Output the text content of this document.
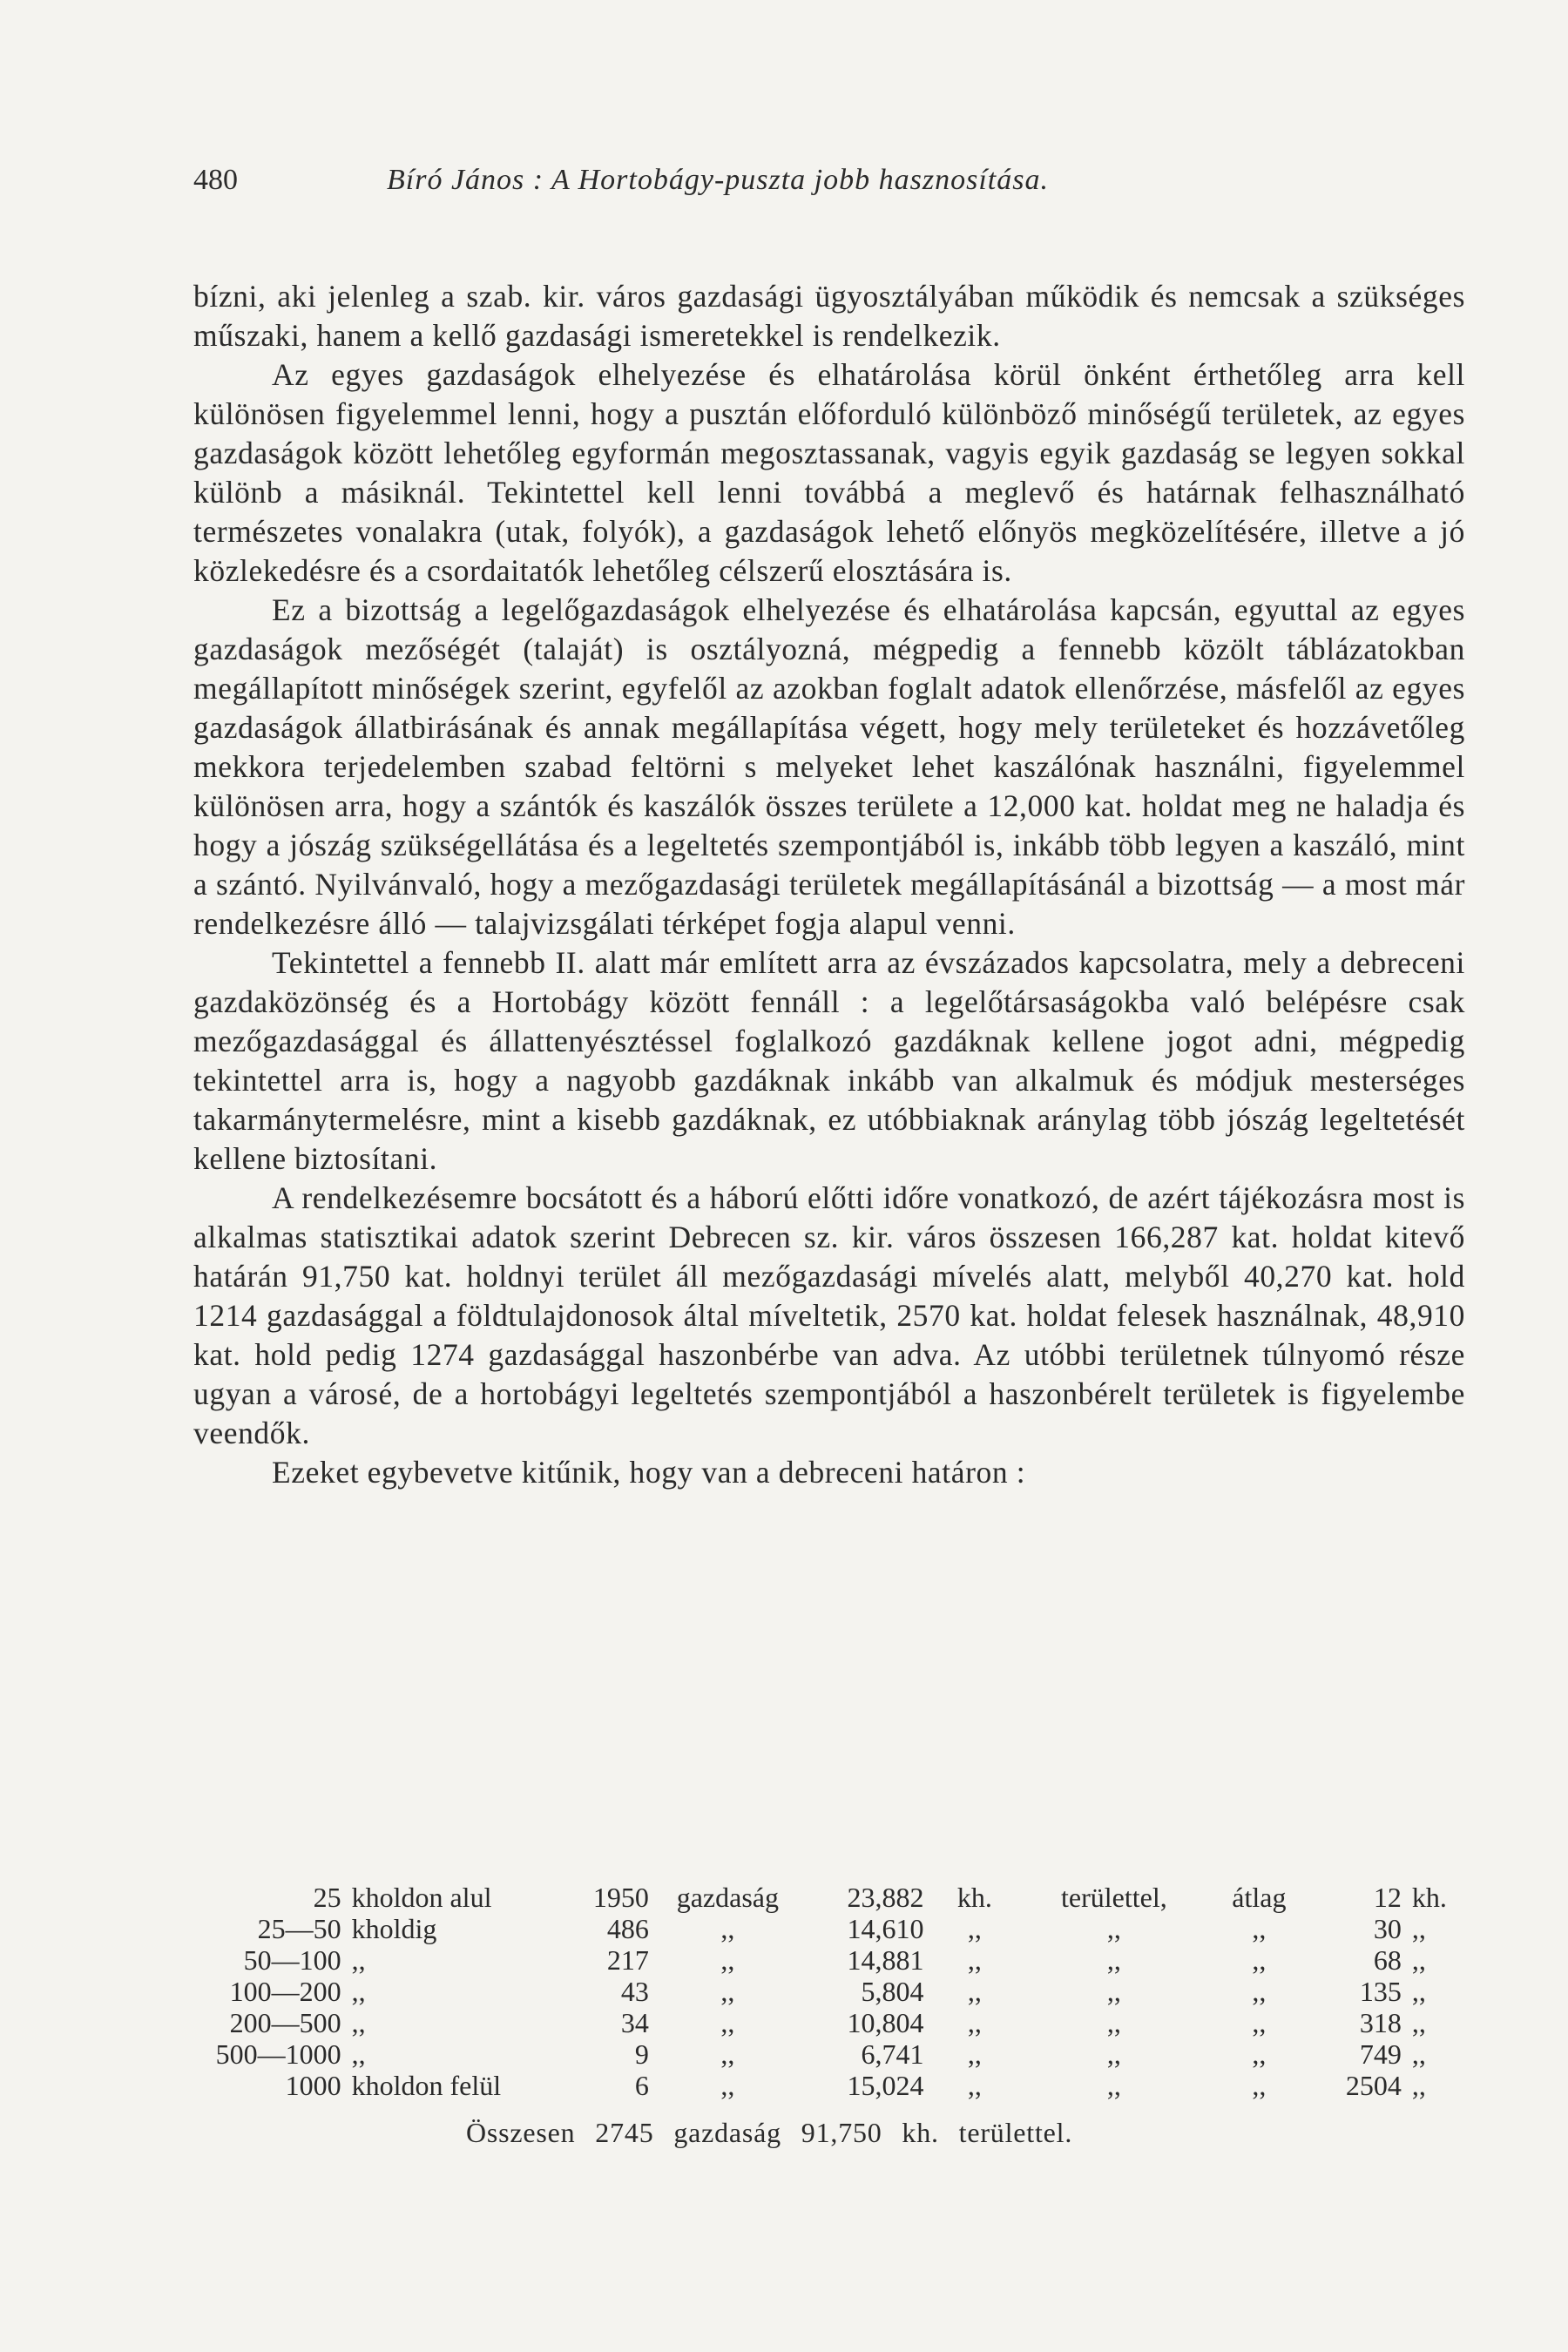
480	Bíró János : A Hortobágy-puszta jobb hasznosítása.

bízni, aki jelenleg a szab. kir. város gazdasági ügyosztályában működik és nemcsak a szükséges műszaki, hanem a kellő gazdasági ismeretekkel is rendelkezik.

Az egyes gazdaságok elhelyezése és elhatárolása körül önként érthetőleg arra kell különösen figyelemmel lenni, hogy a pusztán előforduló különböző minőségű területek, az egyes gazdaságok között lehetőleg egyformán megosztassanak, vagyis egyik gazdaság se legyen sokkal különb a másiknál. Tekintettel kell lenni továbbá a meglevő és határnak felhasználható természetes vonalakra (utak, folyók), a gazdaságok lehető előnyös megközelítésére, illetve a jó közlekedésre és a csordaitatók lehetőleg célszerű elosztására is.

Ez a bizottság a legelőgazdaságok elhelyezése és elhatárolása kapcsán, egyuttal az egyes gazdaságok mezőségét (talaját) is osztályozná, mégpedig a fennebb közölt táblázatokban megállapított minőségek szerint, egyfelől az azokban foglalt adatok ellenőrzése, másfelől az egyes gazdaságok állatbirásának és annak megállapítása végett, hogy mely területeket és hozzávetőleg mekkora terjedelemben szabad feltörni s melyeket lehet kaszálónak használni, figyelemmel különösen arra, hogy a szántók és kaszálók összes területe a 12,000 kat. holdat meg ne haladja és hogy a jószág szükségellátása és a legeltetés szempontjából is, inkább több legyen a kaszáló, mint a szántó. Nyilvánvaló, hogy a mezőgazdasági területek megállapításánál a bizottság — a most már rendelkezésre álló — talajvizsgálati térképet fogja alapul venni.

Tekintettel a fennebb II. alatt már említett arra az évszázados kapcsolatra, mely a debreceni gazdaközönség és a Hortobágy között fennáll : a legelőtársaságokba való belépésre csak mezőgazdasággal és állattenyésztéssel foglalkozó gazdáknak kellene jogot adni, mégpedig tekintettel arra is, hogy a nagyobb gazdáknak inkább van alkalmuk és módjuk mesterséges takarmánytermelésre, mint a kisebb gazdáknak, ez utóbbiaknak aránylag több jószág legeltetését kellene biztosítani.

A rendelkezésemre bocsátott és a háború előtti időre vonatkozó, de azért tájékozásra most is alkalmas statisztikai adatok szerint Debrecen sz. kir. város összesen 166,287 kat. holdat kitevő határán 91,750 kat. holdnyi terület áll mezőgazdasági mívelés alatt, melyből 40,270 kat. hold 1214 gazdasággal a földtulajdonosok által míveltetik, 2570 kat. holdat felesek használnak, 48,910 kat. hold pedig 1274 gazdasággal haszonbérbe van adva. Az utóbbi területnek túlnyomó része ugyan a városé, de a hortobágyi legeltetés szempontjából a haszonbérelt területek is figyelembe veendők.

Ezeket egybevetve kitűnik, hogy van a debreceni határon :

25	kholdon alul	1950	gazdaság	23,882	kh.	területtel,	átlag	12	kh.
25—50	kholdig	486	,,	14,610	,,	,,	,,	30	,,
50—100	,,	217	,,	14,881	,,	,,	,,	68	,,
100—200	,,	43	,,	5,804	,,	,,	,,	135	,,
200—500	,,	34	,,	10,804	,,	,,	,,	318	,,
500—1000	,,	9	,,	6,741	,,	,,	,,	749	,,
1000	kholdon felül	6	,,	15,024	,,	,,	,,	2504	,,
Összesen 2745 gazdaság 91,750 kh. területtel.
